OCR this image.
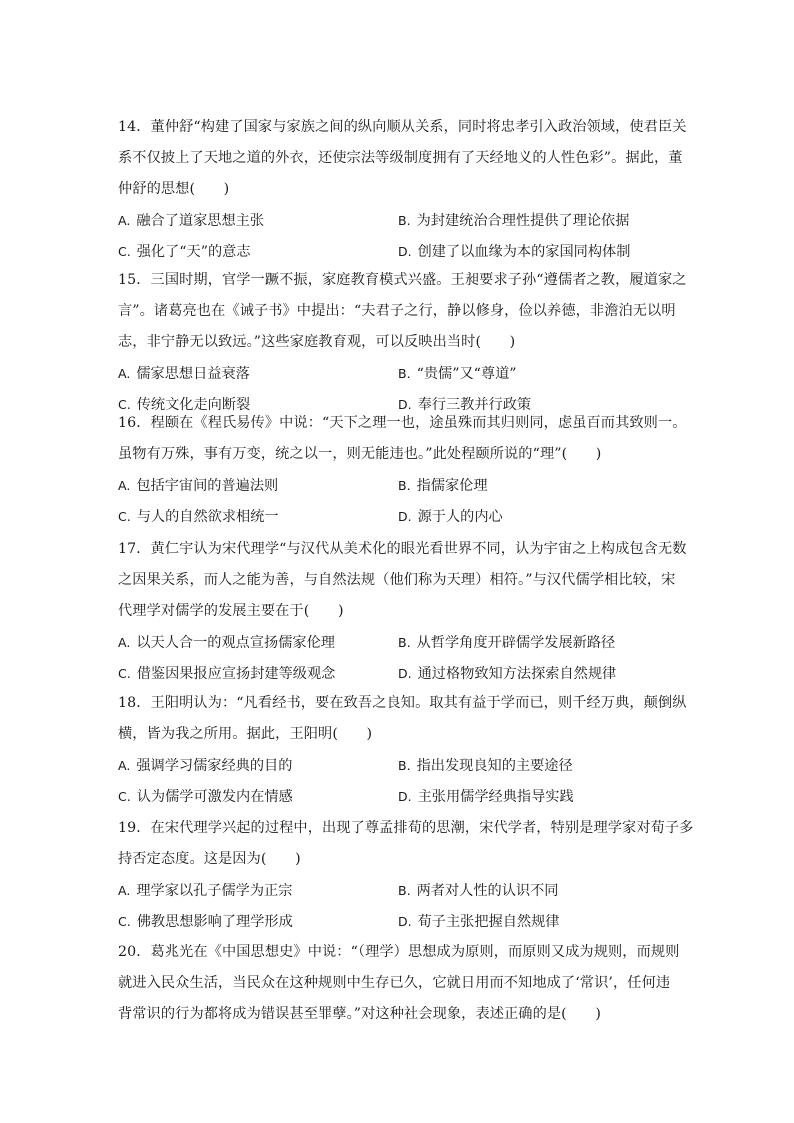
14．董仲舒“构建了国家与家族之间的纵向顺从关系，同时将忠孝引入政治领域，使君臣关
系不仅披上了天地之道的外衣，还使宗法等级制度拥有了天经地义的人性色彩”。据此，董
仲舒的思想(　　)
A. 融合了道家思想主张	B. 为封建统治合理性提供了理论依据
C. 强化了“天”的意志	D. 创建了以血缘为本的家国同构体制
15．三国时期，官学一蹶不振，家庭教育模式兴盛。王昶要求子孙“遵儒者之教，履道家之
言”。诸葛亮也在《诫子书》中提出：“夫君子之行，静以修身，俭以养德，非澹泊无以明
志，非宁静无以致远。”这些家庭教育观，可以反映出当时(　　)
A. 儒家思想日益衰落	B. “贵儒”又“尊道”
C. 传统文化走向断裂	D. 奉行三教并行政策
16．程颐在《程氏易传》中说：“天下之理一也，途虽殊而其归则同，虑虽百而其致则一。
虽物有万殊，事有万变，统之以一，则无能违也。”此处程颐所说的“理”(　　)
A. 包括宇宙间的普遍法则	B. 指儒家伦理
C. 与人的自然欲求相统一	D. 源于人的内心
17．黄仁宇认为宋代理学“与汉代从美术化的眼光看世界不同，认为宇宙之上构成包含无数
之因果关系，而人之能为善，与自然法规（他们称为天理）相符。”与汉代儒学相比较，宋
代理学对儒学的发展主要在于(　　)
A. 以天人合一的观点宣扬儒家伦理	B. 从哲学角度开辟儒学发展新路径
C. 借鉴因果报应宣扬封建等级观念	D. 通过格物致知方法探索自然规律
18．王阳明认为：“凡看经书，要在致吾之良知。取其有益于学而已，则千经万典，颠倒纵
横，皆为我之所用。据此，王阳明(　　)
A. 强调学习儒家经典的目的	B. 指出发现良知的主要途径
C. 认为儒学可激发内在情感	D. 主张用儒学经典指导实践
19．在宋代理学兴起的过程中，出现了尊孟排荀的思潮，宋代学者，特别是理学家对荀子多
持否定态度。这是因为(　　)
A. 理学家以孔子儒学为正宗	B. 两者对人性的认识不同
C. 佛教思想影响了理学形成	D. 荀子主张把握自然规律
20．葛兆光在《中国思想史》中说：“（理学）思想成为原则，而原则又成为规则，而规则
就进入民众生活，当民众在这种规则中生存已久，它就日用而不知地成了‘常识’，任何违
背常识的行为都将成为错误甚至罪孽。”对这种社会现象，表述正确的是(　　)
